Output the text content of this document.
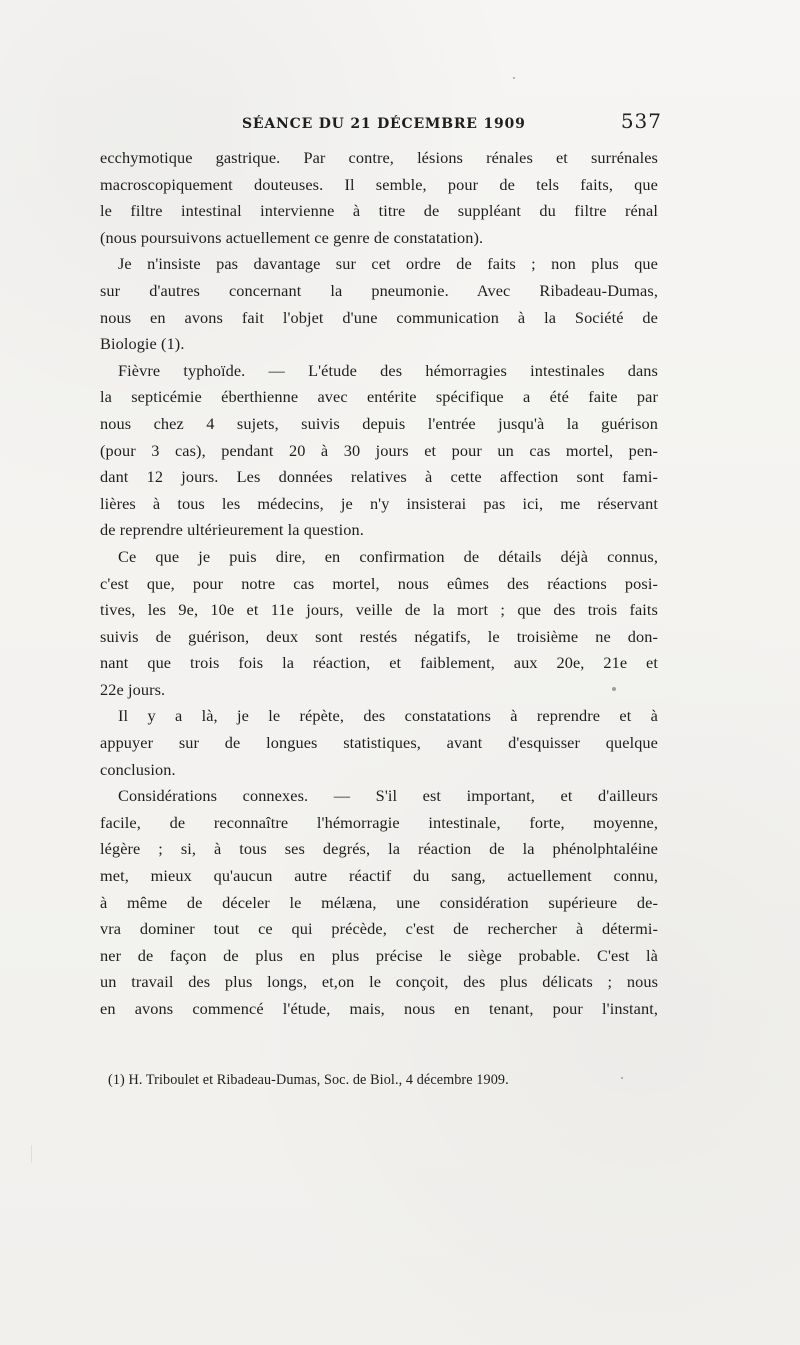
SÉANCE DU 21 DÉCEMBRE 1909	537
ecchymotique gastrique. Par contre, lésions rénales et surrénales
macroscopiquement douteuses. Il semble, pour de tels faits, que
le filtre intestinal intervienne à titre de suppléant du filtre rénal
(nous poursuivons actuellement ce genre de constatation).
Je n'insiste pas davantage sur cet ordre de faits ; non plus que
sur d'autres concernant la pneumonie. Avec Ribadeau-Dumas,
nous en avons fait l'objet d'une communication à la Société de
Biologie (1).
Fièvre typhoïde. — L'étude des hémorragies intestinales dans
la septicémie éberthienne avec entérite spécifique a été faite par
nous chez 4 sujets, suivis depuis l'entrée jusqu'à la guérison
(pour 3 cas), pendant 20 à 30 jours et pour un cas mortel, pen-
dant 12 jours. Les données relatives à cette affection sont fami-
lières à tous les médecins, je n'y insisterai pas ici, me réservant
de reprendre ultérieurement la question.
Ce que je puis dire, en confirmation de détails déjà connus,
c'est que, pour notre cas mortel, nous eûmes des réactions posi-
tives, les 9e, 10e et 11e jours, veille de la mort ; que des trois faits
suivis de guérison, deux sont restés négatifs, le troisième ne don-
nant que trois fois la réaction, et faiblement, aux 20e, 21e et
22e jours.
Il y a là, je le répète, des constatations à reprendre et à
appuyer sur de longues statistiques, avant d'esquisser quelque
conclusion.
Considérations connexes. — S'il est important, et d'ailleurs
facile, de reconnaître l'hémorragie intestinale, forte, moyenne,
légère ; si, à tous ses degrés, la réaction de la phénolphtaléine
met, mieux qu'aucun autre réactif du sang, actuellement connu,
à même de déceler le mélæna, une considération supérieure de-
vra dominer tout ce qui précède, c'est de rechercher à détermi-
ner de façon de plus en plus précise le siège probable. C'est là
un travail des plus longs, et,on le conçoit, des plus délicats ; nous
en avons commencé l'étude, mais, nous en tenant, pour l'instant,
(1) H. Triboulet et Ribadeau-Dumas, Soc. de Biol., 4 décembre 1909.
